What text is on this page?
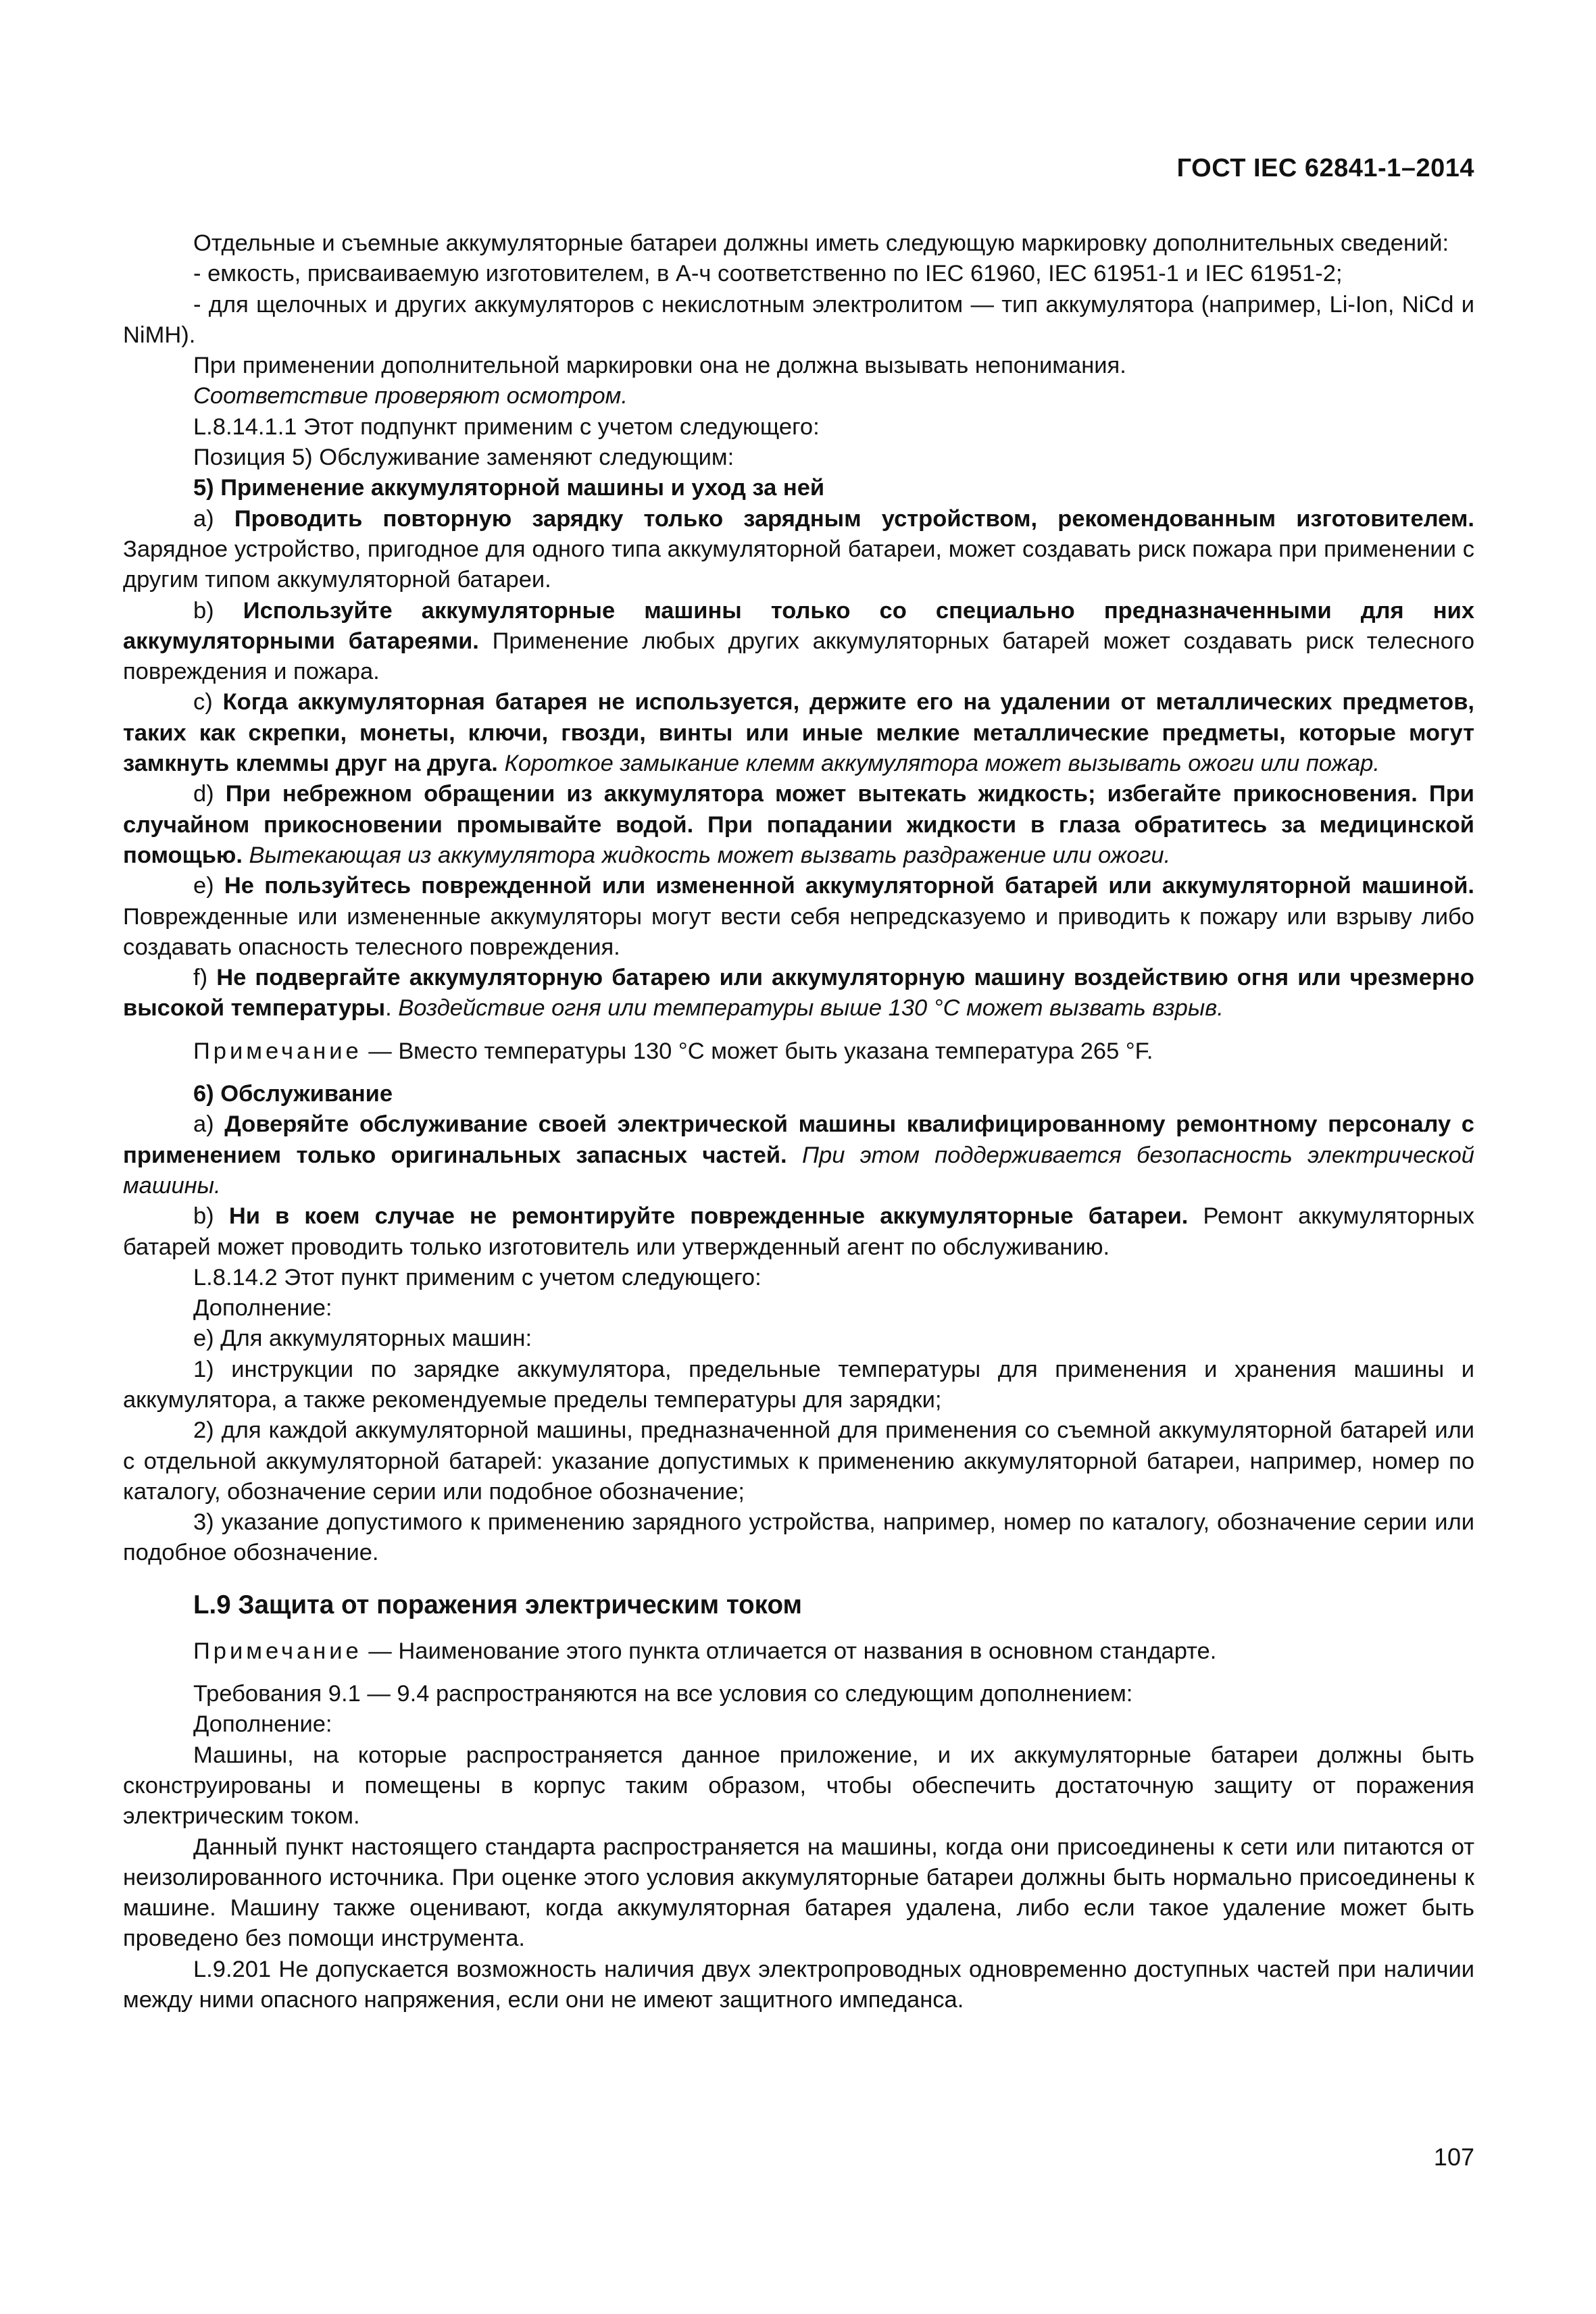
ГОСТ IEC 62841-1–2014

Отдельные и съемные аккумуляторные батареи должны иметь следующую маркировку дополнительных сведений:

- емкость, присваиваемую изготовителем, в А-ч соответственно по IEC 61960, IEC 61951-1 и IEC 61951-2;

- для щелочных и других аккумуляторов с некислотным электролитом — тип аккумулятора (например, Li-Ion, NiCd и NiMH).

При применении дополнительной маркировки она не должна вызывать непонимания.

Соответствие проверяют осмотром.

L.8.14.1.1 Этот подпункт применим с учетом следующего:

Позиция 5) Обслуживание заменяют следующим:

5) Применение аккумуляторной машины и уход за ней

а) Проводить повторную зарядку только зарядным устройством, рекомендованным изготовителем. Зарядное устройство, пригодное для одного типа аккумуляторной батареи, может создавать риск пожара при применении с другим типом аккумуляторной батареи.

b) Используйте аккумуляторные машины только со специально предназначенными для них аккумуляторными батареями. Применение любых других аккумуляторных батарей может создавать риск телесного повреждения и пожара.

c) Когда аккумуляторная батарея не используется, держите его на удалении от металлических предметов, таких как скрепки, монеты, ключи, гвозди, винты или иные мелкие металлические предметы, которые могут замкнуть клеммы друг на друга. Короткое замыкание клемм аккумулятора может вызывать ожоги или пожар.

d) При небрежном обращении из аккумулятора может вытекать жидкость; избегайте прикосновения. При случайном прикосновении промывайте водой. При попадании жидкости в глаза обратитесь за медицинской помощью. Вытекающая из аккумулятора жидкость может вызвать раздражение или ожоги.

e) Не пользуйтесь поврежденной или измененной аккумуляторной батарей или аккумуляторной машиной. Поврежденные или измененные аккумуляторы могут вести себя непредсказуемо и приводить к пожару или взрыву либо создавать опасность телесного повреждения.

f) Не подвергайте аккумуляторную батарею или аккумуляторную машину воздействию огня или чрезмерно высокой температуры. Воздействие огня или температуры выше 130 °С может вызвать взрыв.

Примечание — Вместо температуры 130 °С может быть указана температура 265 °F.

6) Обслуживание

а) Доверяйте обслуживание своей электрической машины квалифицированному ремонтному персоналу с применением только оригинальных запасных частей. При этом поддерживается безопасность электрической машины.

b) Ни в коем случае не ремонтируйте поврежденные аккумуляторные батареи. Ремонт аккумуляторных батарей может проводить только изготовитель или утвержденный агент по обслуживанию.

L.8.14.2 Этот пункт применим с учетом следующего:

Дополнение:

е) Для аккумуляторных машин:

1) инструкции по зарядке аккумулятора, предельные температуры для применения и хранения машины и аккумулятора, а также рекомендуемые пределы температуры для зарядки;

2) для каждой аккумуляторной машины, предназначенной для применения со съемной аккумуляторной батарей или с отдельной аккумуляторной батарей: указание допустимых к применению аккумуляторной батареи, например, номер по каталогу, обозначение серии или подобное обозначение;

3) указание допустимого к применению зарядного устройства, например, номер по каталогу, обозначение серии или подобное обозначение.

L.9 Защита от поражения электрическим током

Примечание — Наименование этого пункта отличается от названия в основном стандарте.

Требования 9.1 — 9.4 распространяются на все условия со следующим дополнением:

Дополнение:

Машины, на которые распространяется данное приложение, и их аккумуляторные батареи должны быть сконструированы и помещены в корпус таким образом, чтобы обеспечить достаточную защиту от поражения электрическим током.

Данный пункт настоящего стандарта распространяется на машины, когда они присоединены к сети или питаются от неизолированного источника. При оценке этого условия аккумуляторные батареи должны быть нормально присоединены к машине. Машину также оценивают, когда аккумуляторная батарея удалена, либо если такое удаление может быть проведено без помощи инструмента.

L.9.201 Не допускается возможность наличия двух электропроводных одновременно доступных частей при наличии между ними опасного напряжения, если они не имеют защитного импеданса.

107
